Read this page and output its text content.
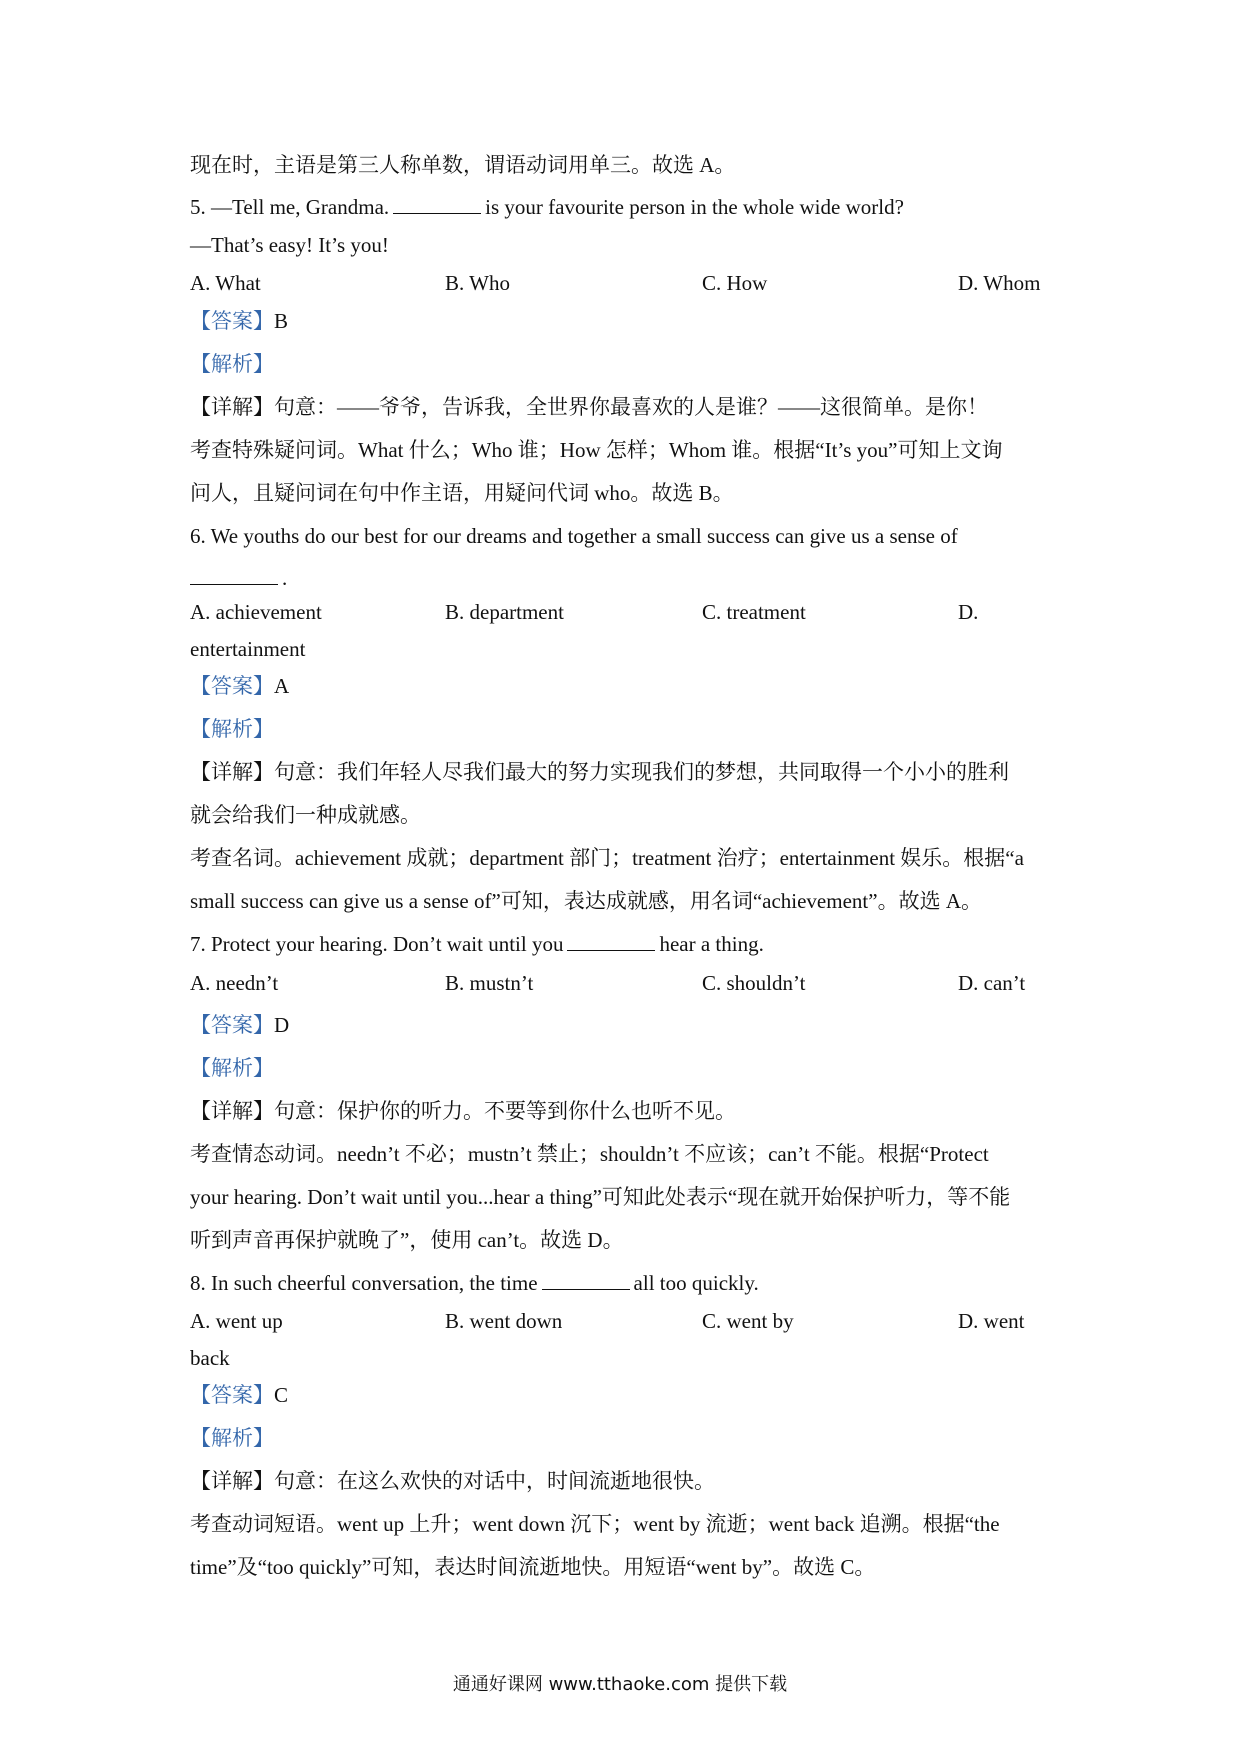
现在时，主语是第三人称单数，谓语动词用单三。故选 A。
5. —Tell me, Grandma.	is your favourite person in the whole wide world?
—That’s easy! It’s you!
A. What	B. Who	C. How	D. Whom
【答案】B
【解析】
【详解】句意：——爷爷，告诉我，全世界你最喜欢的人是谁？——这很简单。是你！
考查特殊疑问词。What 什么；Who 谁；How 怎样；Whom 谁。根据“It’s you”可知上文询
问人，且疑问词在句中作主语，用疑问代词 who。故选 B。
6. We youths do our best for our dreams and together a small success can give us a sense of
.
A. achievement	B. department	C. treatment	D.
entertainment
【答案】A
【解析】
【详解】句意：我们年轻人尽我们最大的努力实现我们的梦想，共同取得一个小小的胜利
就会给我们一种成就感。
考查名词。achievement 成就；department 部门；treatment 治疗；entertainment 娱乐。根据“a
small success can give us a sense of”可知，表达成就感，用名词“achievement”。故选 A。
7. Protect your hearing. Don’t wait until you	hear a thing.
A. needn’t	B. mustn’t	C. shouldn’t	D. can’t
【答案】D
【解析】
【详解】句意：保护你的听力。不要等到你什么也听不见。
考查情态动词。needn’t 不必；mustn’t 禁止；shouldn’t 不应该；can’t 不能。根据“Protect
your hearing. Don’t wait until you...hear a thing”可知此处表示“现在就开始保护听力，等不能
听到声音再保护就晚了”，使用 can’t。故选 D。
8. In such cheerful conversation, the time	all too quickly.
A. went up	B. went down	C. went by	D. went
back
【答案】C
【解析】
【详解】句意：在这么欢快的对话中，时间流逝地很快。
考查动词短语。went up 上升；went down 沉下；went by 流逝；went back 追溯。根据“the
time”及“too quickly”可知，表达时间流逝地快。用短语“went by”。故选 C。
通通好课网 www.tthaoke.com 提供下载
